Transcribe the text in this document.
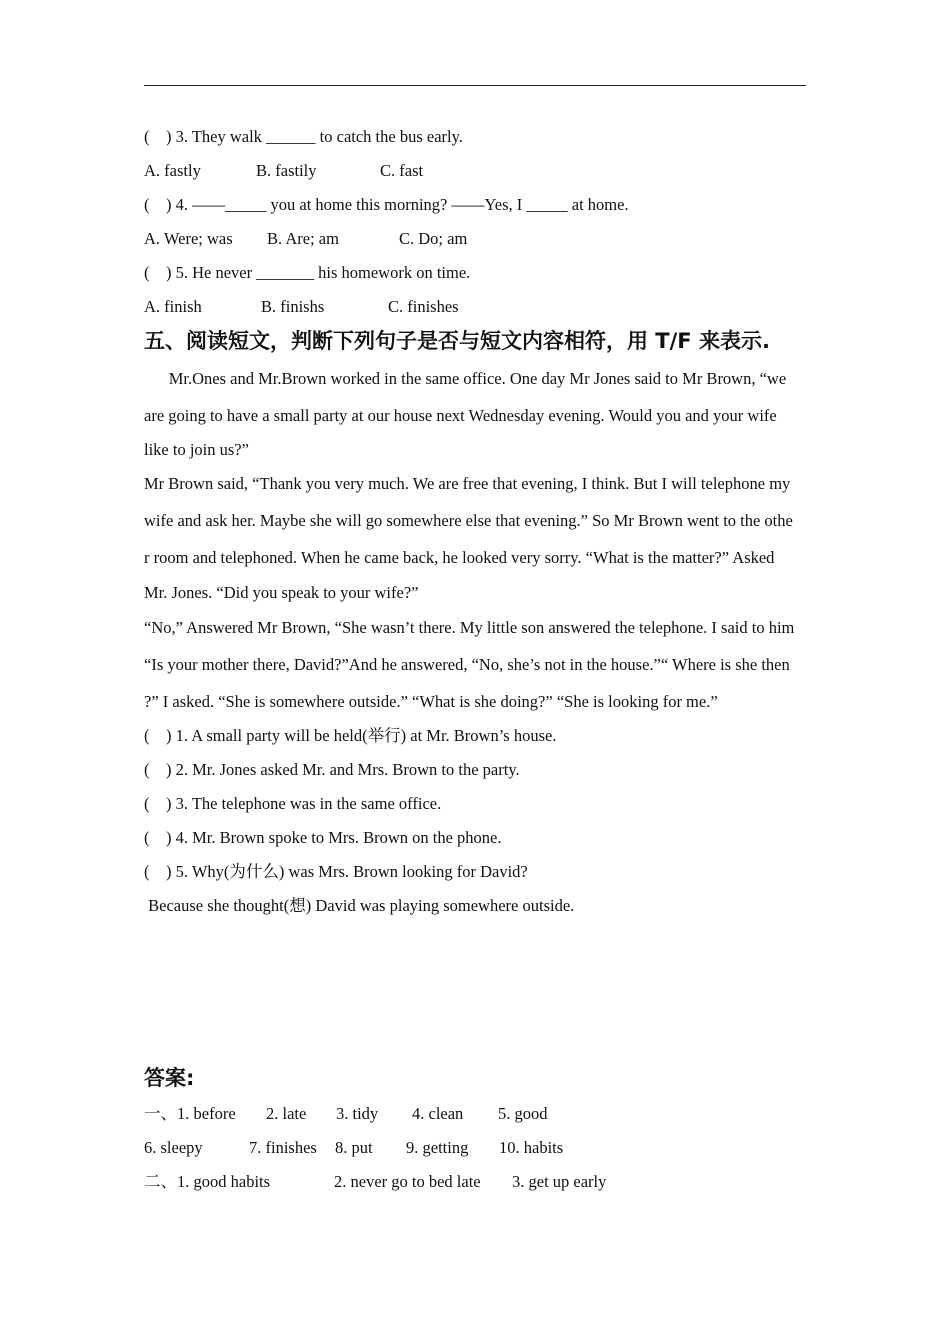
(    ) 3. They walk ______ to catch the bus early.
A. fastly	B. fastily	C. fast
(    ) 4. ——_____ you at home this morning? ——Yes, I _____ at home.
A. Were; was B. Are; am	C. Do; am
(    ) 5. He never _______ his homework on time.
A. finish	B. finishs	C. finishes
五、阅读短文，判断下列句子是否与短文内容相符，用 T/F 来表示.
Mr.Ones and Mr.Brown worked in the same office. One day Mr Jones said to Mr Brown, “we
are going to have a small party at our house next Wednesday evening. Would you and your wife
like to join us?”
Mr Brown said, “Thank you very much. We are free that evening, I think. But I will telephone my
wife and ask her. Maybe she will go somewhere else that evening.” So Mr Brown went to the othe
r room and telephoned. When he came back, he looked very sorry. “What is the matter?” Asked
Mr. Jones. “Did you speak to your wife?”
“No,” Answered Mr Brown, “She wasn’t there. My little son answered the telephone. I said to him
“Is your mother there, David?”And he answered, “No, she’s not in the house.”“ Where is she then
?” I asked. “She is somewhere outside.” “What is she doing?” “She is looking for me.”
(    ) 1. A small party will be held(举行) at Mr. Brown’s house.
(    ) 2. Mr. Jones asked Mr. and Mrs. Brown to the party.
(    ) 3. The telephone was in the same office.
(    ) 4. Mr. Brown spoke to Mrs. Brown on the phone.
(    ) 5. Why(为什么) was Mrs. Brown looking for David?
Because she thought(想) David was playing somewhere outside.
答案:
一、1. before 2. late 3. tidy 4. clean 5. good
6. sleepy	7. finishes 8. put 9. getting 10. habits
二、1. good habits	2. never go to bed late 3. get up early
